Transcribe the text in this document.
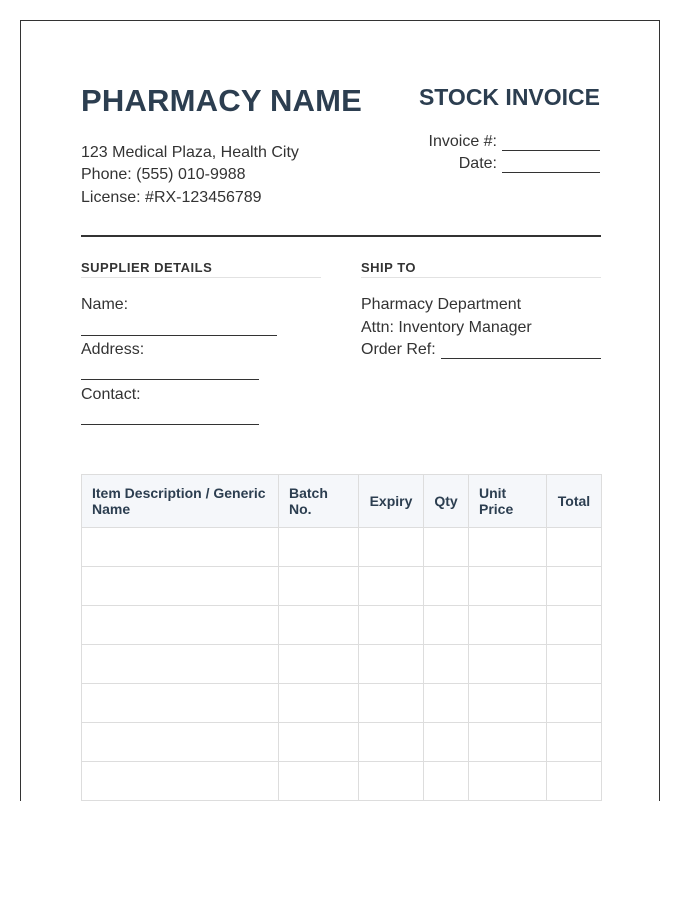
PHARMACY NAME STOCK INVOICE
123 Medical Plaza, Health City
Phone: (555) 010-9988
License: #RX-123456789
Invoice #:
Date:
SUPPLIER DETAILS
Name:
Address:
Contact:
SHIP TO
Pharmacy Department
Attn: Inventory Manager
Order Ref:
Item Description / Generic Name	Batch No.	Expiry	Qty	Unit Price	Total
